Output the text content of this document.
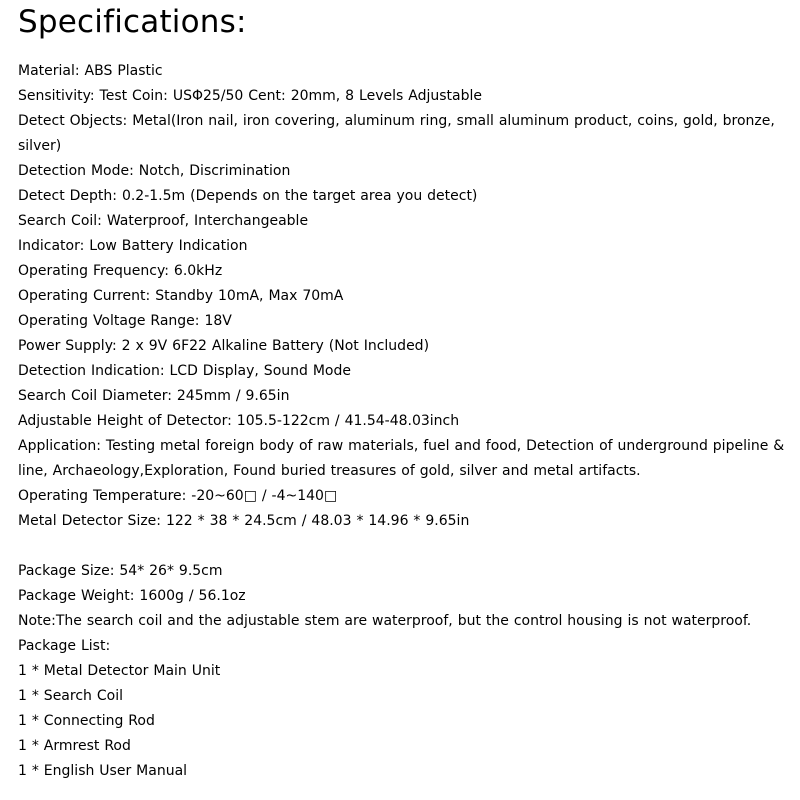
Specifications:
Material: ABS Plastic
Sensitivity: Test Coin: USΦ25/50 Cent: 20mm, 8 Levels Adjustable
Detect Objects: Metal(Iron nail, iron covering, aluminum ring, small aluminum product, coins, gold, bronze, silver)
Detection Mode: Notch, Discrimination
Detect Depth: 0.2-1.5m (Depends on the target area you detect)
Search Coil: Waterproof, Interchangeable
Indicator: Low Battery Indication
Operating Frequency: 6.0kHz
Operating Current: Standby 10mA, Max 70mA
Operating Voltage Range: 18V
Power Supply: 2 x 9V 6F22 Alkaline Battery (Not Included)
Detection Indication: LCD Display, Sound Mode
Search Coil Diameter: 245mm / 9.65in
Adjustable Height of Detector: 105.5-122cm / 41.54-48.03inch
Application: Testing metal foreign body of raw materials, fuel and food, Detection of underground pipeline & line, Archaeology,Exploration, Found buried treasures of gold, silver and metal artifacts.
Operating Temperature: -20~60□ / -4~140□
Metal Detector Size: 122 * 38 * 24.5cm / 48.03 * 14.96 * 9.65in
Package Size: 54* 26* 9.5cm
Package Weight: 1600g / 56.1oz
Note:The search coil and the adjustable stem are waterproof, but the control housing is not waterproof.
Package List:
1 * Metal Detector Main Unit
1 * Search Coil
1 * Connecting Rod
1 * Armrest Rod
1 * English User Manual
